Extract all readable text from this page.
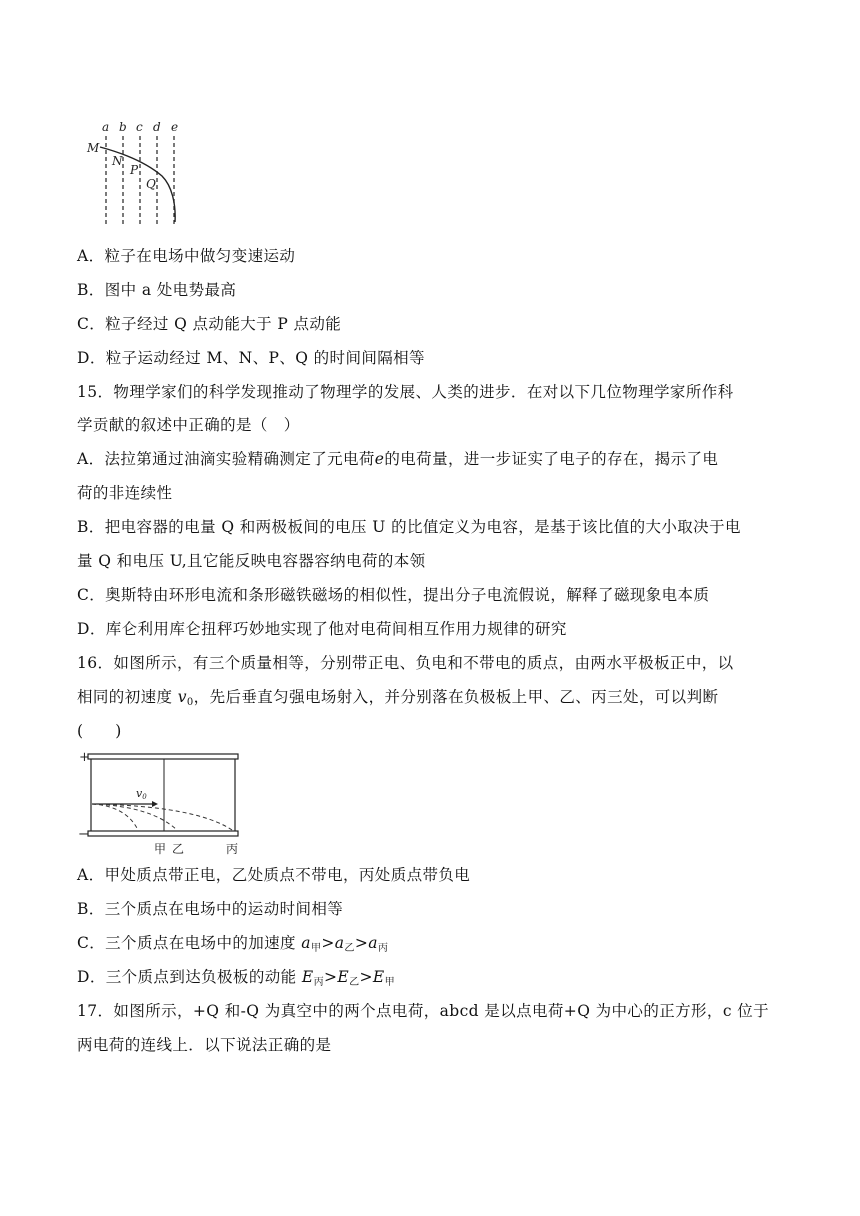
a b c d e
M
N
P
Q
A．粒子在电场中做匀变速运动
B．图中 a 处电势最高
C．粒子经过 Q 点动能大于 P 点动能
D．粒子运动经过 M、N、P、Q 的时间间隔相等
15．物理学家们的科学发现推动了物理学的发展、人类的进步．在对以下几位物理学家所作科
学贡献的叙述中正确的是（　）
A．法拉第通过油滴实验精确测定了元电荷e的电荷量，进一步证实了电子的存在，揭示了电
荷的非连续性
B．把电容器的电量 Q 和两极板间的电压 U 的比值定义为电容，是基于该比值的大小取决于电
量 Q 和电压 U,且它能反映电容器容纳电荷的本领
C．奥斯特由环形电流和条形磁铁磁场的相似性，提出分子电流假说，解释了磁现象电本质
D．库仑利用库仑扭秤巧妙地实现了他对电荷间相互作用力规律的研究
16．如图所示，有三个质量相等，分别带正电、负电和不带电的质点，由两水平极板正中，以
相同的初速度 $v_0$，先后垂直匀强电场射入，并分别落在负极板上甲、乙、丙三处，可以判断
(　　)
+
−
v0
甲 乙	丙
A．甲处质点带正电，乙处质点不带电，丙处质点带负电
B．三个质点在电场中的运动时间相等
C．三个质点在电场中的加速度 $a_甲>a_乙>a_丙$
D．三个质点到达负极板的动能 $E_丙>E_乙>E_甲$
17．如图所示，+Q 和-Q 为真空中的两个点电荷，abcd 是以点电荷+Q 为中心的正方形，c 位于
两电荷的连线上．以下说法正确的是
